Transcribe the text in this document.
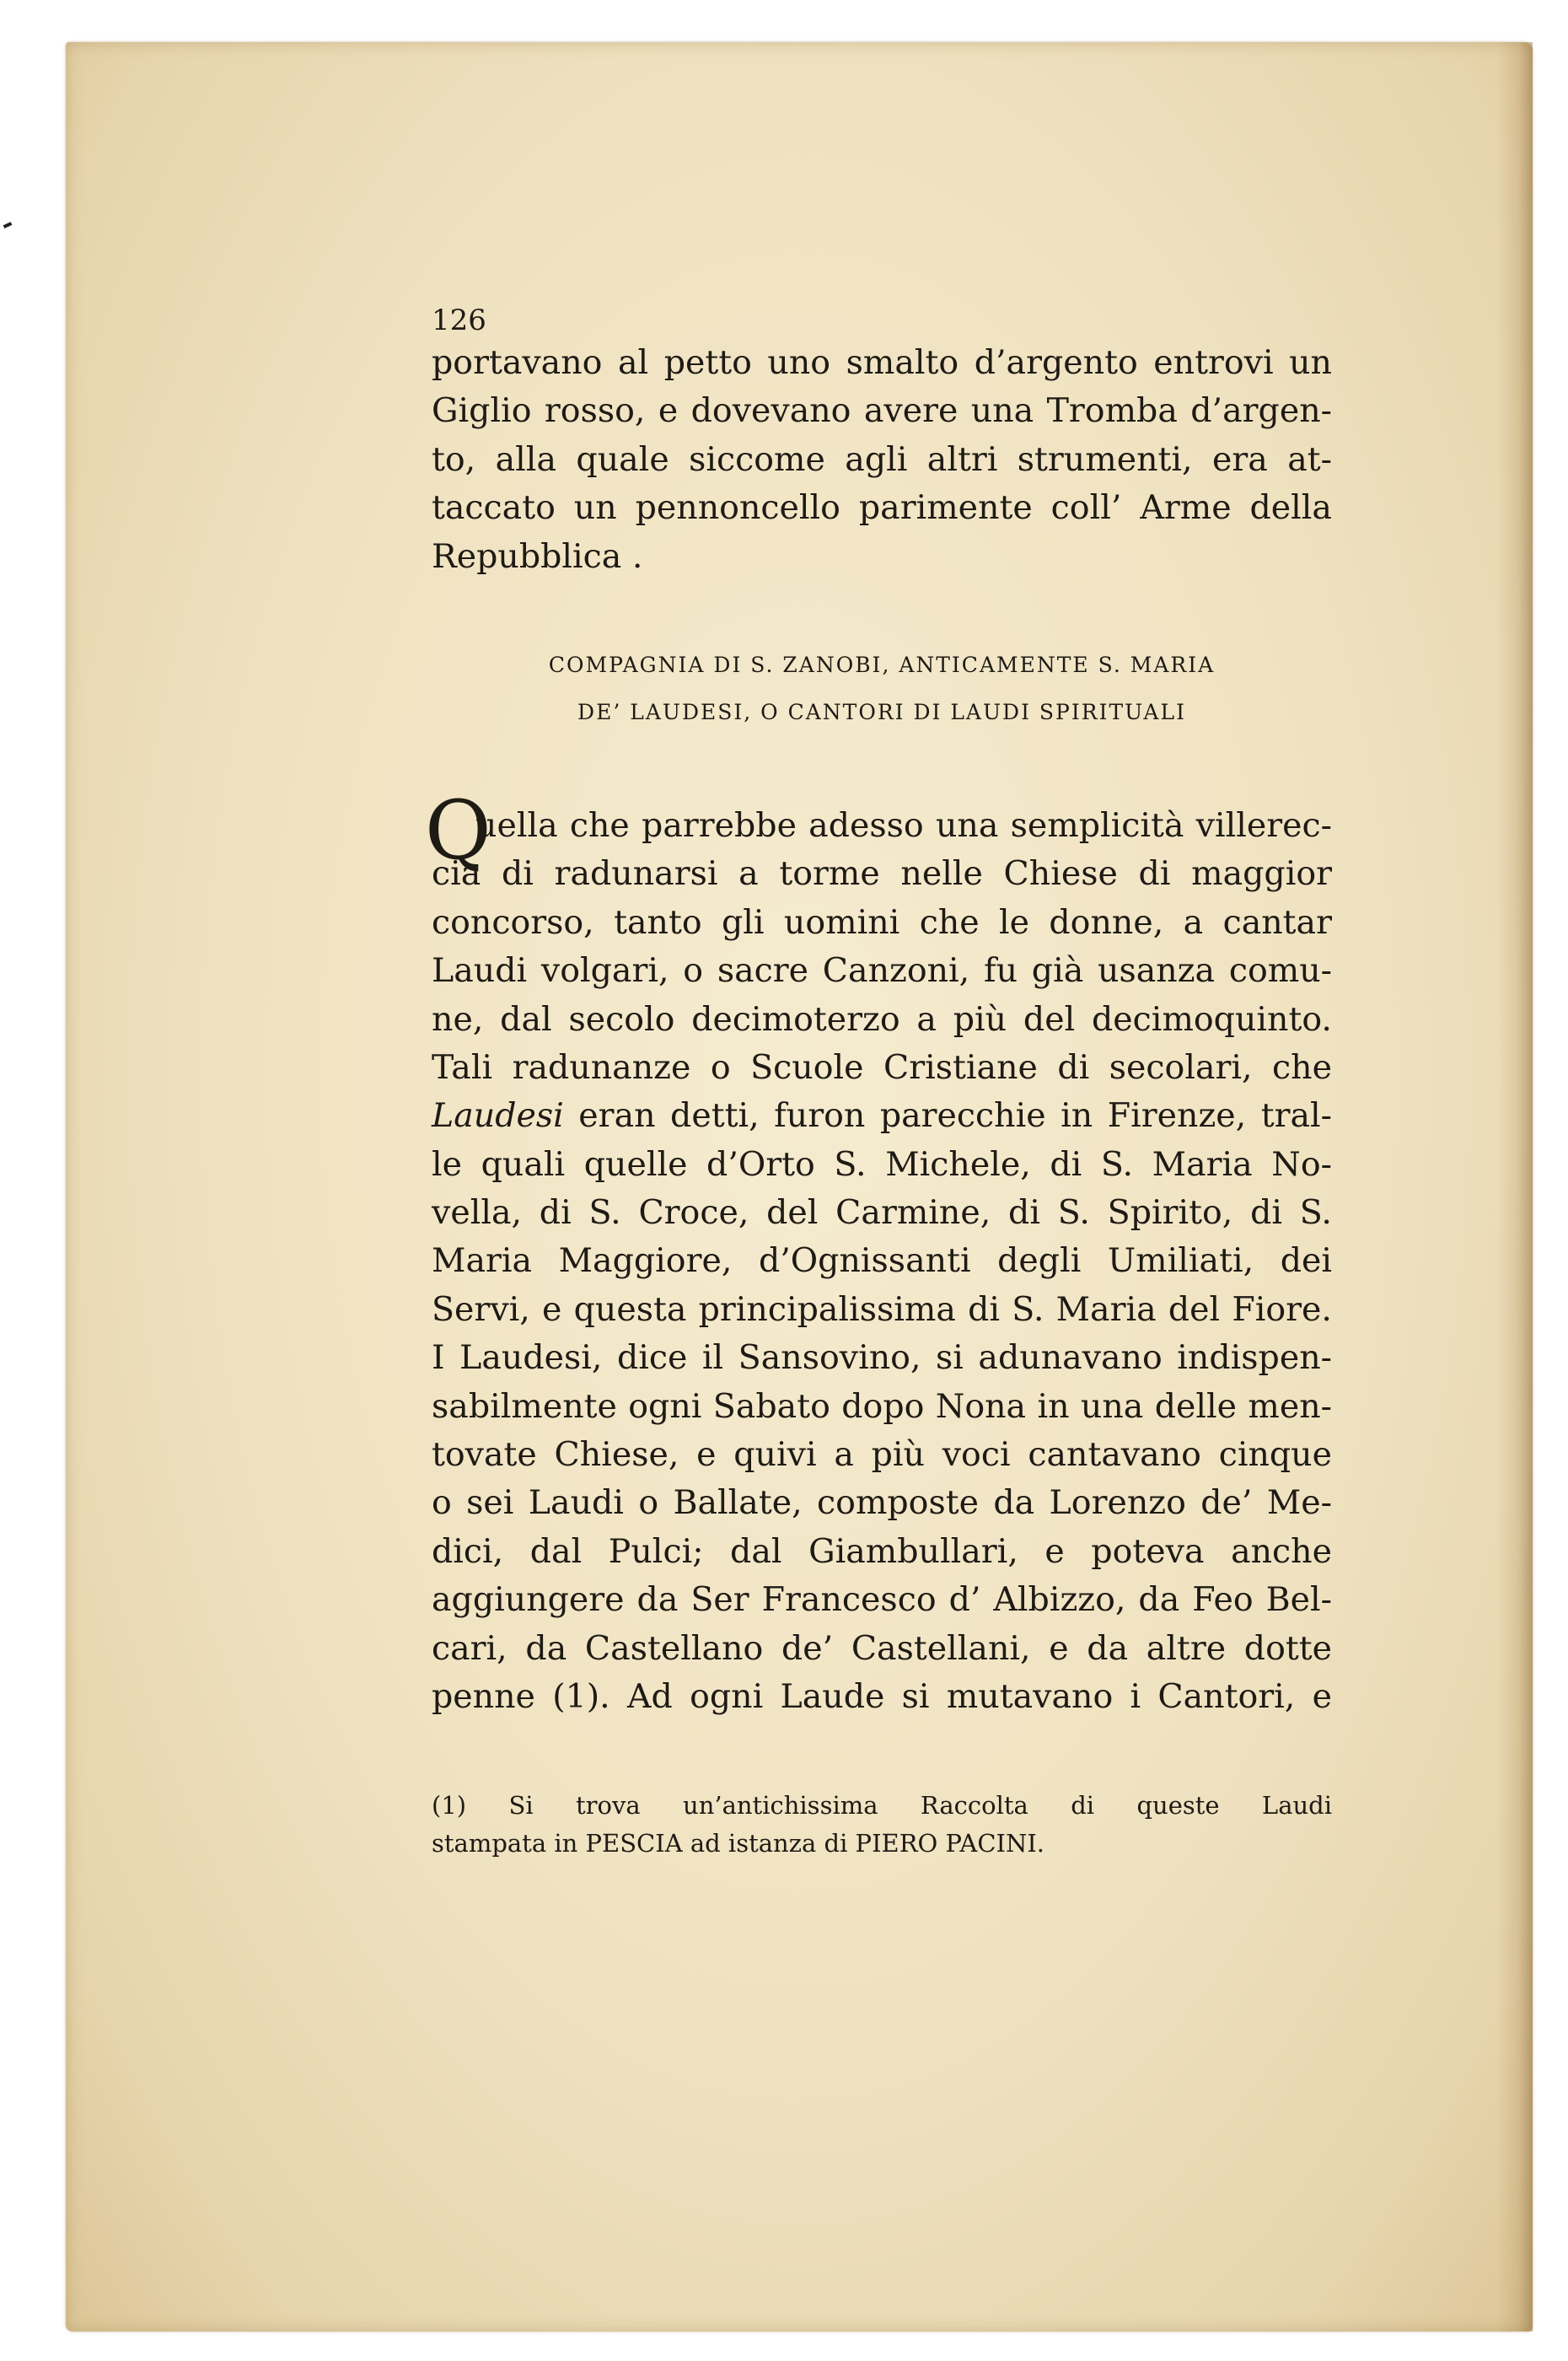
126
portavano al petto uno smalto d’argento entrovi un
Giglio rosso, e dovevano avere una Tromba d’argen-
to, alla quale siccome agli altri strumenti, era at-
taccato un pennoncello parimente coll’ Arme della
Repubblica .
COMPAGNIA DI S. ZANOBI, ANTICAMENTE S. MARIA
DE’ LAUDESI, O CANTORI DI LAUDI SPIRITUALI
Q
uella che parrebbe adesso una semplicità villerec-
cia di radunarsi a torme nelle Chiese di maggior
concorso, tanto gli uomini che le donne, a cantar
Laudi volgari, o sacre Canzoni, fu già usanza comu-
ne, dal secolo decimoterzo a più del decimoquinto.
Tali radunanze o Scuole Cristiane di secolari, che
Laudesi eran detti, furon parecchie in Firenze, tral-
le quali quelle d’Orto S. Michele, di S. Maria No-
vella, di S. Croce, del Carmine, di S. Spirito, di S.
Maria Maggiore, d’Ognissanti degli Umiliati, dei
Servi, e questa principalissima di S. Maria del Fiore.
I Laudesi, dice il Sansovino, si adunavano indispen-
sabilmente ogni Sabato dopo Nona in una delle men-
tovate Chiese, e quivi a più voci cantavano cinque
o sei Laudi o Ballate, composte da Lorenzo de’ Me-
dici, dal Pulci; dal Giambullari, e poteva anche
aggiungere da Ser Francesco d’ Albizzo, da Feo Bel-
cari, da Castellano de’ Castellani, e da altre dotte
penne (1). Ad ogni Laude si mutavano i Cantori, e
(1) Si trova un’antichissima Raccolta di queste Laudi
stampata in PESCIA ad istanza di PIERO PACINI.
